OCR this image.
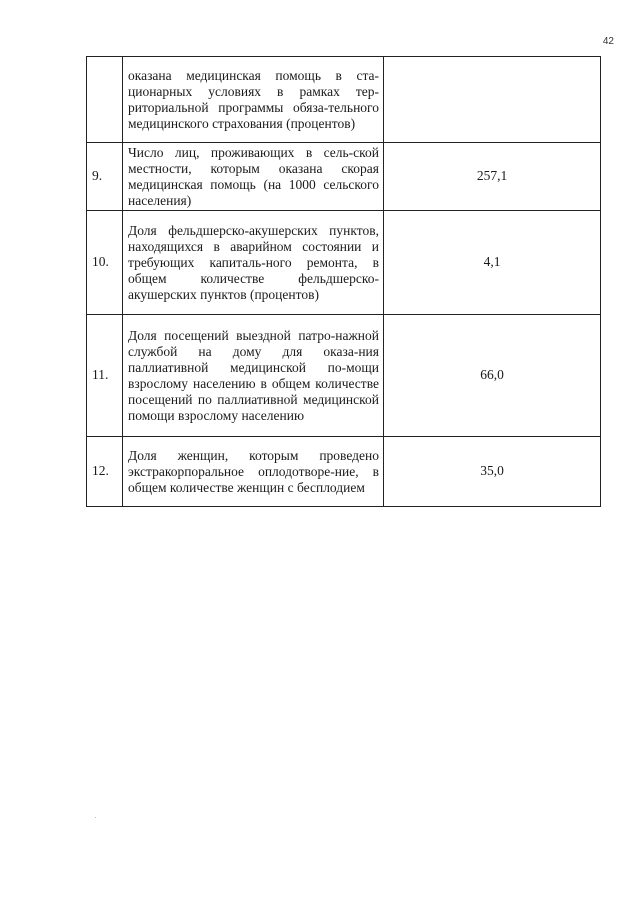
42
	оказана медицинская помощь в ста-ционарных условиях в рамках тер-риториальной программы обяза-тельного медицинского страхования (процентов)	
9.	Число лиц, проживающих в сель-ской местности, которым оказана скорая медицинская помощь (на 1000 сельского населения)	257,1
10.	Доля фельдшерско-акушерских пунктов, находящихся в аварийном состоянии и требующих капиталь-ного ремонта, в общем количестве фельдшерско-акушерских пунктов (процентов)	4,1
11.	Доля посещений выездной патро-нажной службой на дому для оказа-ния паллиативной медицинской по-мощи взрослому населению в общем количестве посещений по паллиативной медицинской помощи взрослому населению	66,0
12.	Доля женщин, которым проведено экстракорпоральное оплодотворе-ние, в общем количестве женщин с бесплодием	35,0
